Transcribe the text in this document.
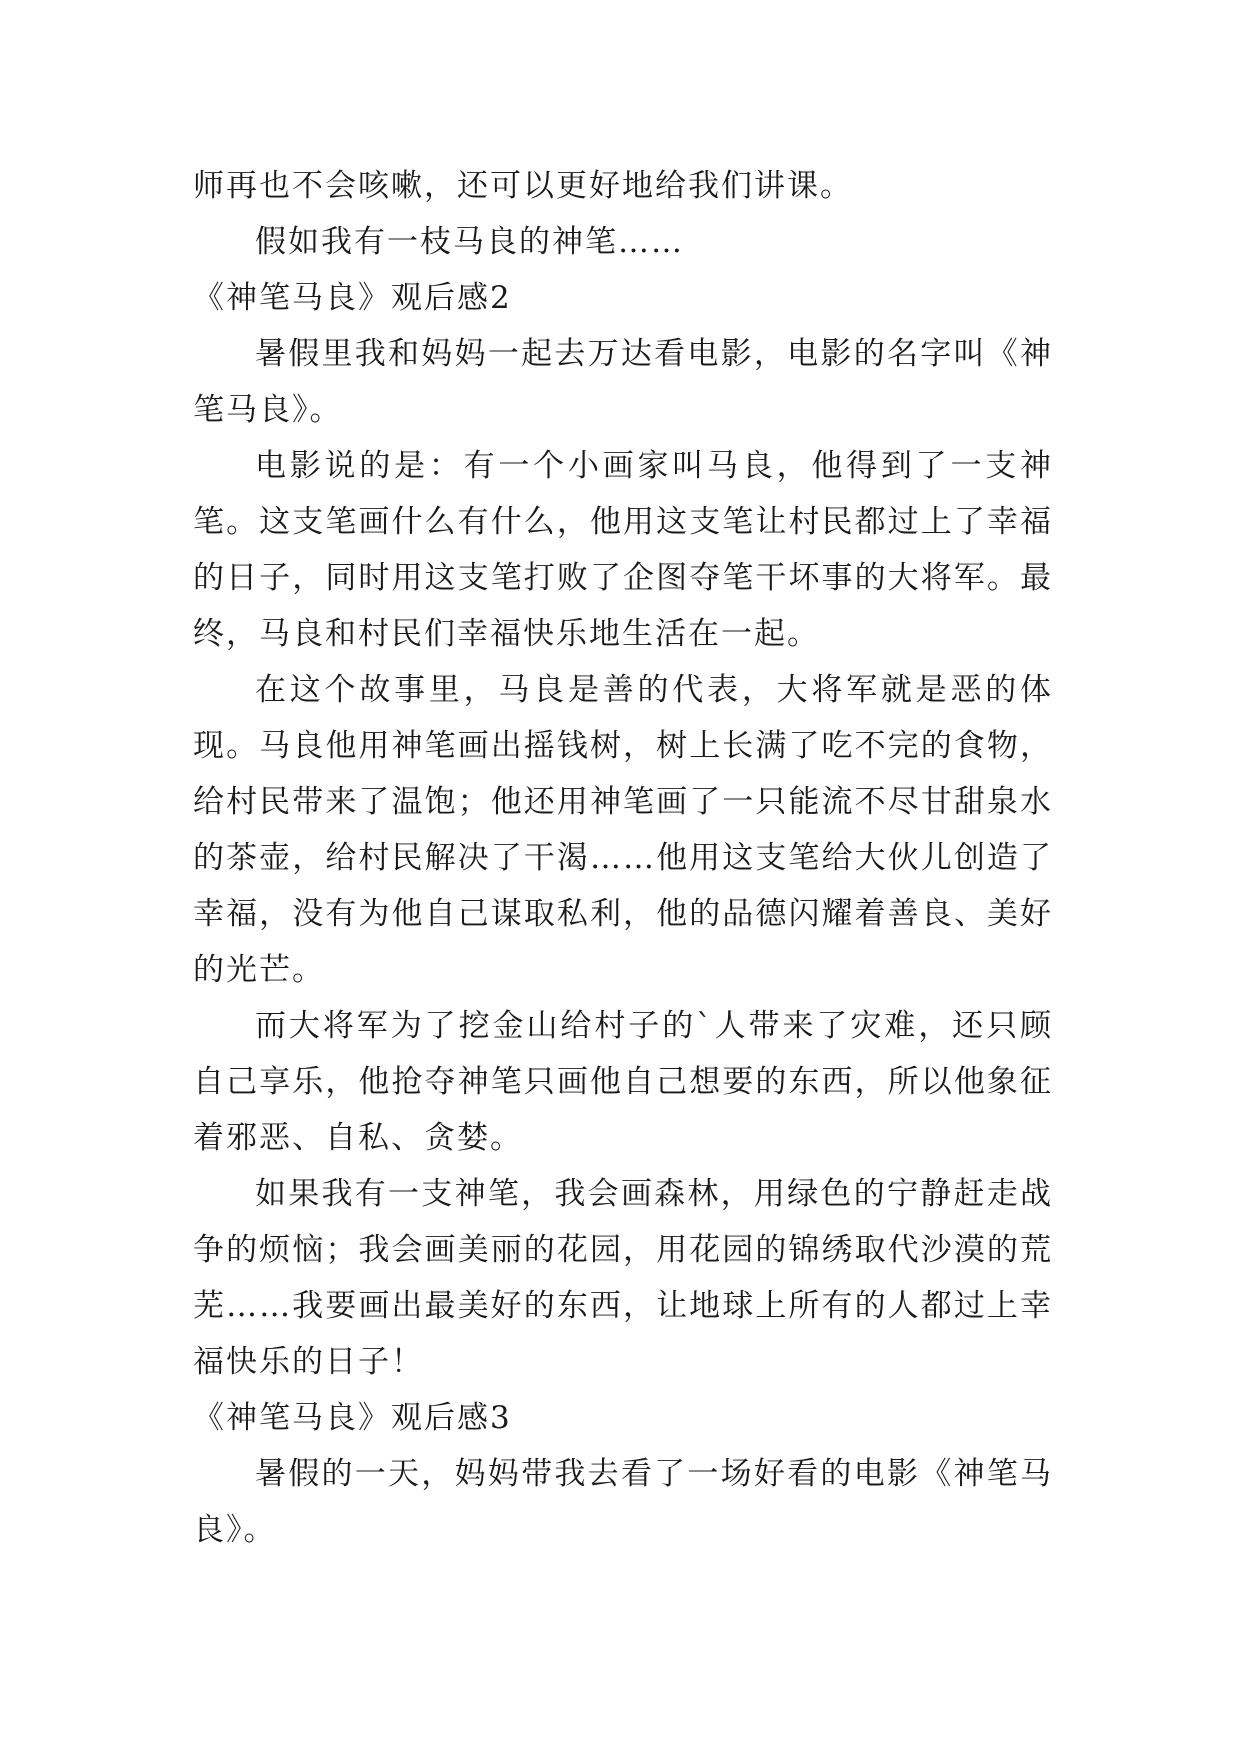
师再也不会咳嗽，还可以更好地给我们讲课。

假如我有一枝马良的神笔……

《神笔马良》观后感2

暑假里我和妈妈一起去万达看电影，电影的名字叫《神笔马良》。

电影说的是：有一个小画家叫马良，他得到了一支神笔。这支笔画什么有什么，他用这支笔让村民都过上了幸福的日子，同时用这支笔打败了企图夺笔干坏事的大将军。最终，马良和村民们幸福快乐地生活在一起。

在这个故事里，马良是善的代表，大将军就是恶的体现。马良他用神笔画出摇钱树，树上长满了吃不完的食物，给村民带来了温饱；他还用神笔画了一只能流不尽甘甜泉水的茶壶，给村民解决了干渴……他用这支笔给大伙儿创造了幸福，没有为他自己谋取私利，他的品德闪耀着善良、美好的光芒。

而大将军为了挖金山给村子的`人带来了灾难，还只顾自己享乐，他抢夺神笔只画他自己想要的东西，所以他象征着邪恶、自私、贪婪。

如果我有一支神笔，我会画森林，用绿色的宁静赶走战争的烦恼；我会画美丽的花园，用花园的锦绣取代沙漠的荒芜……我要画出最美好的东西，让地球上所有的人都过上幸福快乐的日子！

《神笔马良》观后感3

暑假的一天，妈妈带我去看了一场好看的电影《神笔马良》。
